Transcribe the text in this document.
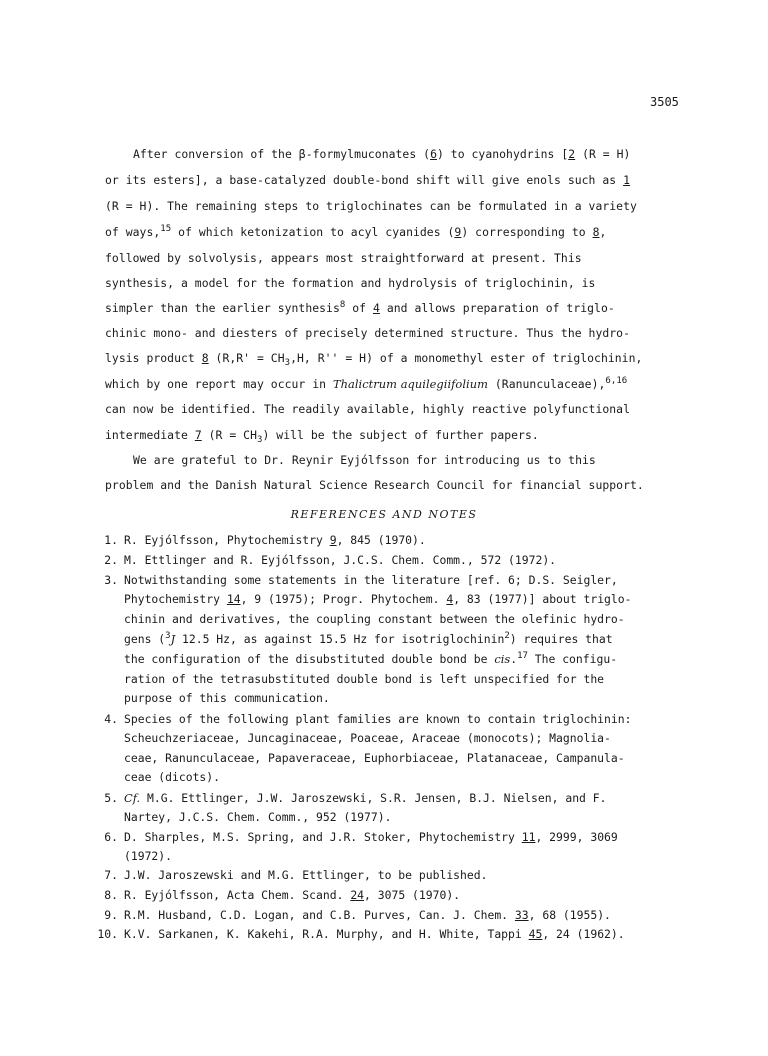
3505
After conversion of the β-formylmuconates (6) to cyanohydrins [2 (R = H)
or its esters], a base-catalyzed double-bond shift will give enols such as 1
(R = H). The remaining steps to triglochinates can be formulated in a variety
of ways,$^{15}$ of which ketonization to acyl cyanides (9) corresponding to 8,
followed by solvolysis, appears most straightforward at present. This
synthesis, a model for the formation and hydrolysis of triglochinin, is
simpler than the earlier synthesis$^8$ of 4 and allows preparation of triglo-
chinic mono- and diesters of precisely determined structure. Thus the hydro-
lysis product 8 ($R,R' = CH_3,H$, R'' = H) of a monomethyl ester of triglochinin,
which by one report may occur in Thalictrum aquilegiifolium (Ranunculaceae),$^{6,16}$
can now be identified. The readily available, highly reactive polyfunctional
intermediate 7 $(R = CH_3)$ will be the subject of further papers.
We are grateful to Dr. Reynir Eyjólfsson for introducing us to this
problem and the Danish Natural Science Research Council for financial support.
REFERENCES AND NOTES
1. R. Eyjólfsson, Phytochemistry 9, 845 (1970).
2. M. Ettlinger and R. Eyjólfsson, J.C.S. Chem. Comm., 572 (1972).
3. Notwithstanding some statements in the literature [ref. 6; D.S. Seigler,
Phytochemistry 14, 9 (1975); Progr. Phytochem. 4, 83 (1977)] about triglo-
chinin and derivatives, the coupling constant between the olefinic hydro-
gens ($^3$J 12.5 Hz, as against 15.5 Hz for isotriglochinin$^2$) requires that
the configuration of the disubstituted double bond be cis.$^{17}$ The configu-
ration of the tetrasubstituted double bond is left unspecified for the
purpose of this communication.
4. Species of the following plant families are known to contain triglochinin:
Scheuchzeriaceae, Juncaginaceae, Poaceae, Araceae (monocots); Magnolia-
ceae, Ranunculaceae, Papaveraceae, Euphorbiaceae, Platanaceae, Campanula-
ceae (dicots).
5. Cf. M.G. Ettlinger, J.W. Jaroszewski, S.R. Jensen, B.J. Nielsen, and F.
Nartey, J.C.S. Chem. Comm., 952 (1977).
6. D. Sharples, M.S. Spring, and J.R. Stoker, Phytochemistry 11, 2999, 3069
(1972).
7. J.W. Jaroszewski and M.G. Ettlinger, to be published.
8. R. Eyjólfsson, Acta Chem. Scand. 24, 3075 (1970).
9. R.M. Husband, C.D. Logan, and C.B. Purves, Can. J. Chem. 33, 68 (1955).
10. K.V. Sarkanen, K. Kakehi, R.A. Murphy, and H. White, Tappi 45, 24 (1962).
